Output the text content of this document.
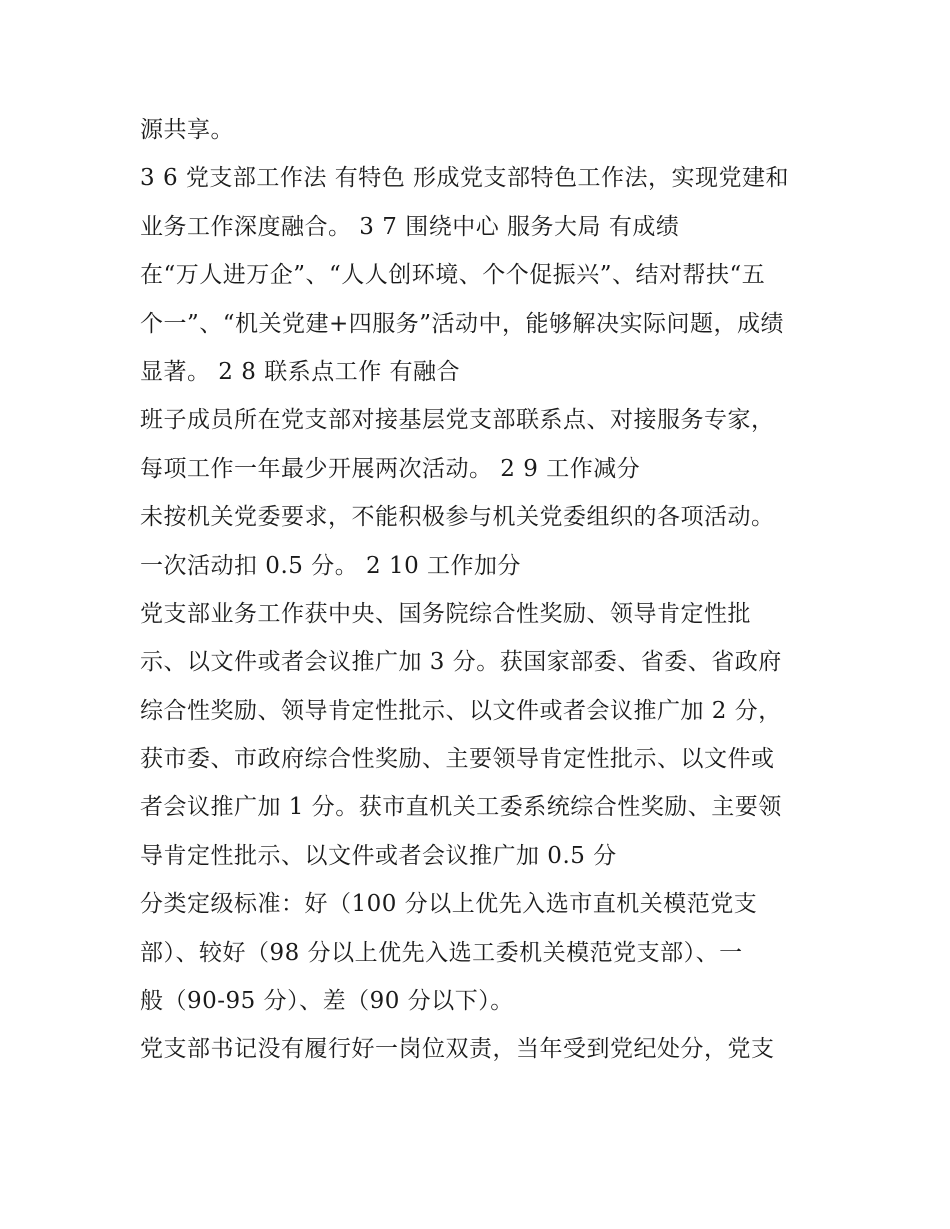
源共享。
3 6 党支部工作法 有特色 形成党支部特色工作法，实现党建和
业务工作深度融合。 3 7 围绕中心 服务大局 有成绩
在“万人进万企”、“人人创环境、个个促振兴”、结对帮扶“五
个一”、“机关党建+四服务”活动中，能够解决实际问题，成绩
显著。 2 8 联系点工作 有融合
班子成员所在党支部对接基层党支部联系点、对接服务专家，
每项工作一年最少开展两次活动。 2 9 工作减分
未按机关党委要求，不能积极参与机关党委组织的各项活动。
一次活动扣 0.5 分。 2 10 工作加分
党支部业务工作获中央、国务院综合性奖励、领导肯定性批
示、以文件或者会议推广加 3 分。获国家部委、省委、省政府
综合性奖励、领导肯定性批示、以文件或者会议推广加 2 分，
获市委、市政府综合性奖励、主要领导肯定性批示、以文件或
者会议推广加 1 分。获市直机关工委系统综合性奖励、主要领
导肯定性批示、以文件或者会议推广加 0.5 分
分类定级标准：好（100 分以上优先入选市直机关模范党支
部）、较好（98 分以上优先入选工委机关模范党支部）、一
般（90-95 分）、差（90 分以下）。
党支部书记没有履行好一岗位双责，当年受到党纪处分，党支
